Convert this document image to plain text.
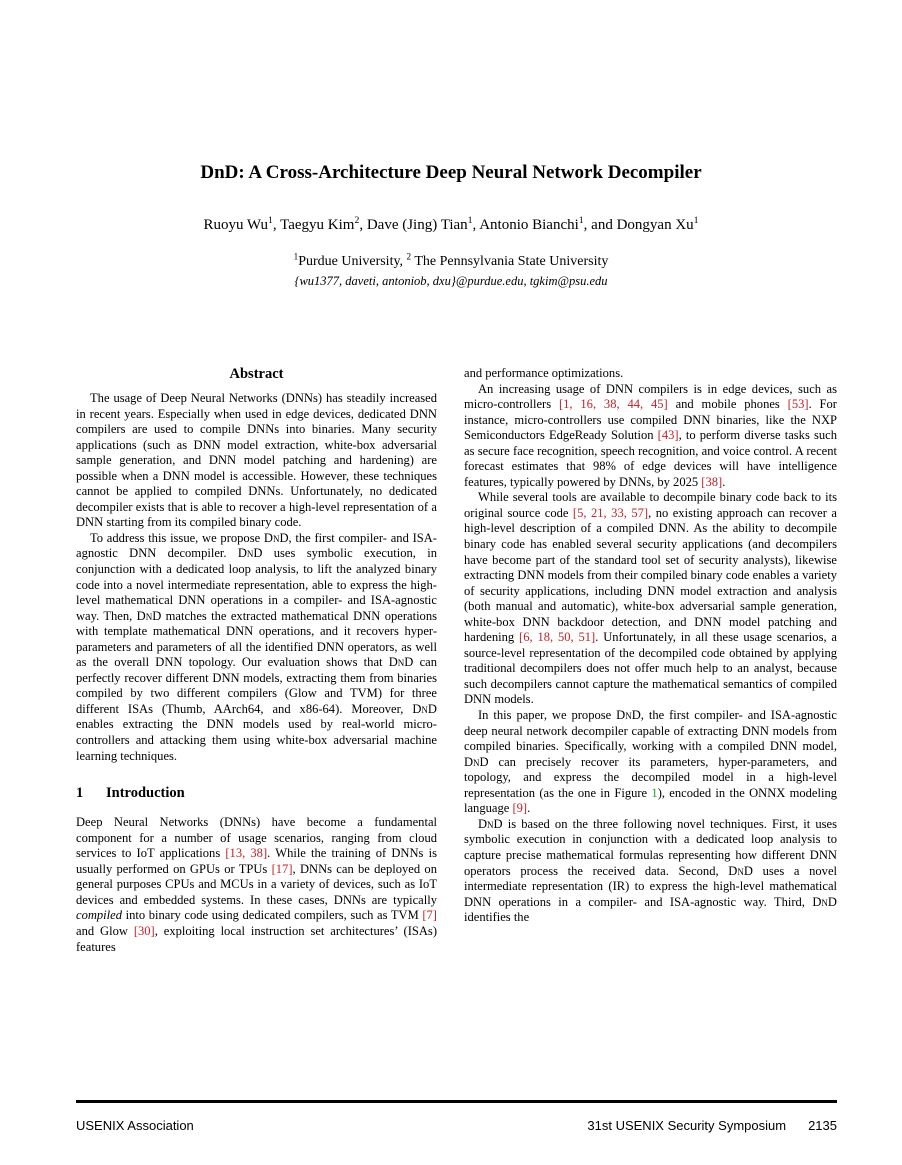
DnD: A Cross-Architecture Deep Neural Network Decompiler
Ruoyu Wu$^1$, Taegyu Kim$^2$, Dave (Jing) Tian$^1$, Antonio Bianchi$^1$, and Dongyan Xu$^1$
$^1$Purdue University, $^2$ The Pennsylvania State University
{wu1377, daveti, antoniob, dxu}@purdue.edu, tgkim@psu.edu
Abstract

The usage of Deep Neural Networks (DNNs) has steadily increased in recent years. Especially when used in edge devices, dedicated DNN compilers are used to compile DNNs into binaries. Many security applications (such as DNN model extraction, white-box adversarial sample generation, and DNN model patching and hardening) are possible when a DNN model is accessible. However, these techniques cannot be applied to compiled DNNs. Unfortunately, no dedicated decompiler exists that is able to recover a high-level representation of a DNN starting from its compiled binary code.

To address this issue, we propose DnD, the first compiler- and ISA-agnostic DNN decompiler. DnD uses symbolic execution, in conjunction with a dedicated loop analysis, to lift the analyzed binary code into a novel intermediate representation, able to express the high-level mathematical DNN operations in a compiler- and ISA-agnostic way. Then, DnD matches the extracted mathematical DNN operations with template mathematical DNN operations, and it recovers hyper-parameters and parameters of all the identified DNN operators, as well as the overall DNN topology. Our evaluation shows that DnD can perfectly recover different DNN models, extracting them from binaries compiled by two different compilers (Glow and TVM) for three different ISAs (Thumb, AArch64, and x86-64). Moreover, DnD enables extracting the DNN models used by real-world micro-controllers and attacking them using white-box adversarial machine learning techniques.

1 Introduction

Deep Neural Networks (DNNs) have become a fundamental component for a number of usage scenarios, ranging from cloud services to IoT applications [13, 38]. While the training of DNNs is usually performed on GPUs or TPUs [17], DNNs can be deployed on general purposes CPUs and MCUs in a variety of devices, such as IoT devices and embedded systems. In these cases, DNNs are typically compiled into binary code using dedicated compilers, such as TVM [7] and Glow [30], exploiting local instruction set architectures’ (ISAs) features

and performance optimizations.

An increasing usage of DNN compilers is in edge devices, such as micro-controllers [1, 16, 38, 44, 45] and mobile phones [53]. For instance, micro-controllers use compiled DNN binaries, like the NXP Semiconductors EdgeReady Solution [43], to perform diverse tasks such as secure face recognition, speech recognition, and voice control. A recent forecast estimates that 98% of edge devices will have intelligence features, typically powered by DNNs, by 2025 [38].

While several tools are available to decompile binary code back to its original source code [5, 21, 33, 57], no existing approach can recover a high-level description of a compiled DNN. As the ability to decompile binary code has enabled several security applications (and decompilers have become part of the standard tool set of security analysts), likewise extracting DNN models from their compiled binary code enables a variety of security applications, including DNN model extraction and analysis (both manual and automatic), white-box adversarial sample generation, white-box DNN backdoor detection, and DNN model patching and hardening [6, 18, 50, 51]. Unfortunately, in all these usage scenarios, a source-level representation of the decompiled code obtained by applying traditional decompilers does not offer much help to an analyst, because such decompilers cannot capture the mathematical semantics of compiled DNN models.

In this paper, we propose DnD, the first compiler- and ISA-agnostic deep neural network decompiler capable of extracting DNN models from compiled binaries. Specifically, working with a compiled DNN model, DnD can precisely recover its parameters, hyper-parameters, and topology, and express the decompiled model in a high-level representation (as the one in Figure 1), encoded in the ONNX modeling language [9].

DnD is based on the three following novel techniques. First, it uses symbolic execution in conjunction with a dedicated loop analysis to capture precise mathematical formulas representing how different DNN operators process the received data. Second, DnD uses a novel intermediate representation (IR) to express the high-level mathematical DNN operations in a compiler- and ISA-agnostic way. Third, DnD identifies the

USENIX Association	31st USENIX Security Symposium 2135
